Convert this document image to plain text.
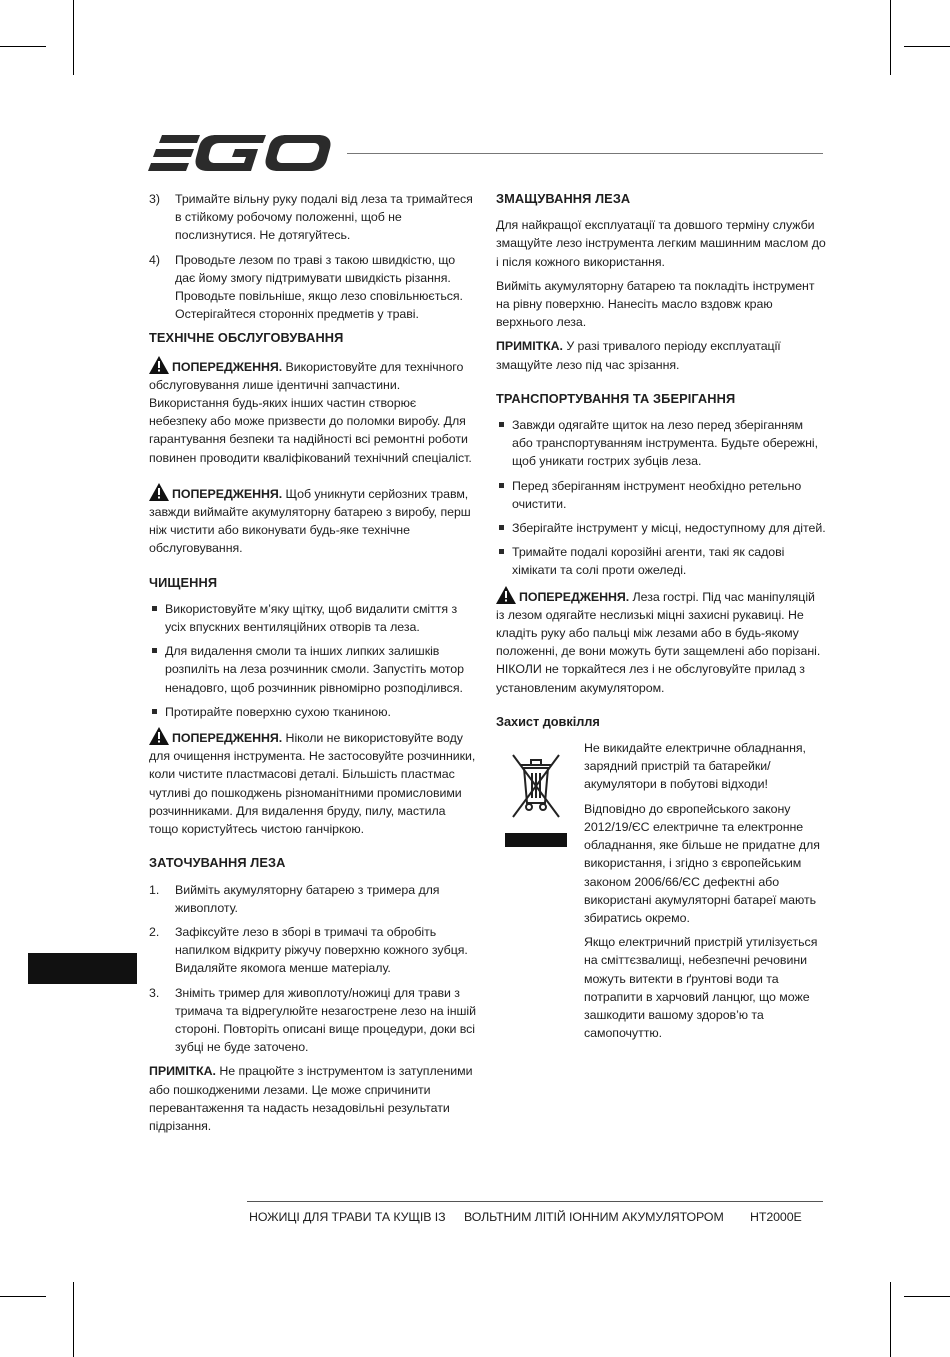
3) Тримайте вільну руку подалі від леза та тримайтеся в стійкому робочому положенні, щоб не послизнутися. Не дотягуйтесь.
4) Проводьте лезом по траві з такою швидкістю, що дає йому змогу підтримувати швидкість різання. Проводьте повільніше, якщо лезо сповільнюється. Остерігайтеся сторонніх предметів у траві.
ТЕХНІЧНЕ ОБСЛУГОВУВАННЯ

ПОПЕРЕДЖЕННЯ. Використовуйте для технічного обслуговування лише ідентичні запчастини. Використання будь-яких інших частин створює небезпеку або може призвести до поломки виробу. Для гарантування безпеки та надійності всі ремонтні роботи повинен проводити кваліфікований технічний спеціаліст.

ПОПЕРЕДЖЕННЯ. Щоб уникнути серйозних травм, завжди виймайте акумуляторну батарею з виробу, перш ніж чистити або виконувати будь-яке технічне обслуговування.

ЧИЩЕННЯ
Використовуйте м’яку щітку, щоб видалити сміття з усіх впускних вентиляційних отворів та леза.
Для видалення смоли та інших липких залишків розпиліть на леза розчинник смоли. Запустіть мотор ненадовго, щоб розчинник рівномірно розподілився.
Протирайте поверхню сухою тканиною.

ПОПЕРЕДЖЕННЯ. Ніколи не використовуйте воду для очищення інструмента. Не застосовуйте розчинники, коли чистите пластмасові деталі. Більшість пластмас чутливі до пошкоджень різноманітними промисловими розчинниками. Для видалення бруду, пилу, мастила тощо користуйтесь чистою ганчіркою.

ЗАТОЧУВАННЯ ЛЕЗА
1. Вийміть акумуляторну батарею з тримера для живоплоту.
2. Зафіксуйте лезо в зборі в тримачі та обробіть напилком відкриту ріжучу поверхню кожного зубця. Видаляйте якомога менше матеріалу.
3. Зніміть тример для живоплоту/ножиці для трави з тримача та відрегулюйте незагострене лезо на іншій стороні. Повторіть описані вище процедури, доки всі зубці не буде заточено.

ПРИМІТКА. Не працюйте з інструментом із затупленими або пошкодженими лезами. Це може спричинити перевантаження та надасть незадовільні результати підрізання.

ЗМАЩУВАННЯ ЛЕЗА

Для найкращої експлуатації та довшого терміну служби змащуйте лезо інструмента легким машинним маслом до і після кожного використання.

Вийміть акумуляторну батарею та покладіть інструмент на рівну поверхню. Нанесіть масло вздовж краю верхнього леза.

ПРИМІТКА. У разі тривалого періоду експлуатації змащуйте лезо під час зрізання.

ТРАНСПОРТУВАННЯ ТА ЗБЕРІГАННЯ
Завжди одягайте щиток на лезо перед зберіганням або транспортуванням інструмента. Будьте обережні, щоб уникати гострих зубців леза.
Перед зберіганням інструмент необхідно ретельно очистити.
Зберігайте інструмент у місці, недоступному для дітей.
Тримайте подалі корозійні агенти, такі як садові хімікати та солі проти ожеледі.

ПОПЕРЕДЖЕННЯ. Леза гострі. Під час маніпуляцій із лезом одягайте неслизькі міцні захисні рукавиці. Не кладіть руку або пальці між лезами або в будь-якому положенні, де вони можуть бути защемлені або порізані. НІКОЛИ не торкайтеся лез і не обслуговуйте прилад з установленим акумулятором.

Захист довкілля

Не викидайте електричне обладнання, зарядний пристрій та батарейки/акумулятори в побутові відходи!

Відповідно до європейського закону 2012/19/ЄС електричне та електронне обладнання, яке більше не придатне для використання, і згідно з європейським законом 2006/66/ЄС дефектні або використані акумуляторні батареї мають збиратись окремо.

Якщо електричний пристрій утилізується на сміттєзвалищі, небезпечні речовини можуть витекти в ґрунтові води та потрапити в харчовий ланцюг, що може зашкодити вашому здоров’ю та самопочуттю.

НОЖИЦІ ДЛЯ ТРАВИ ТА КУЩІВ ІЗ ВОЛЬТНИМ ЛІТІЙ ІОННИМ АКУМУЛЯТОРОМ HT2000E
